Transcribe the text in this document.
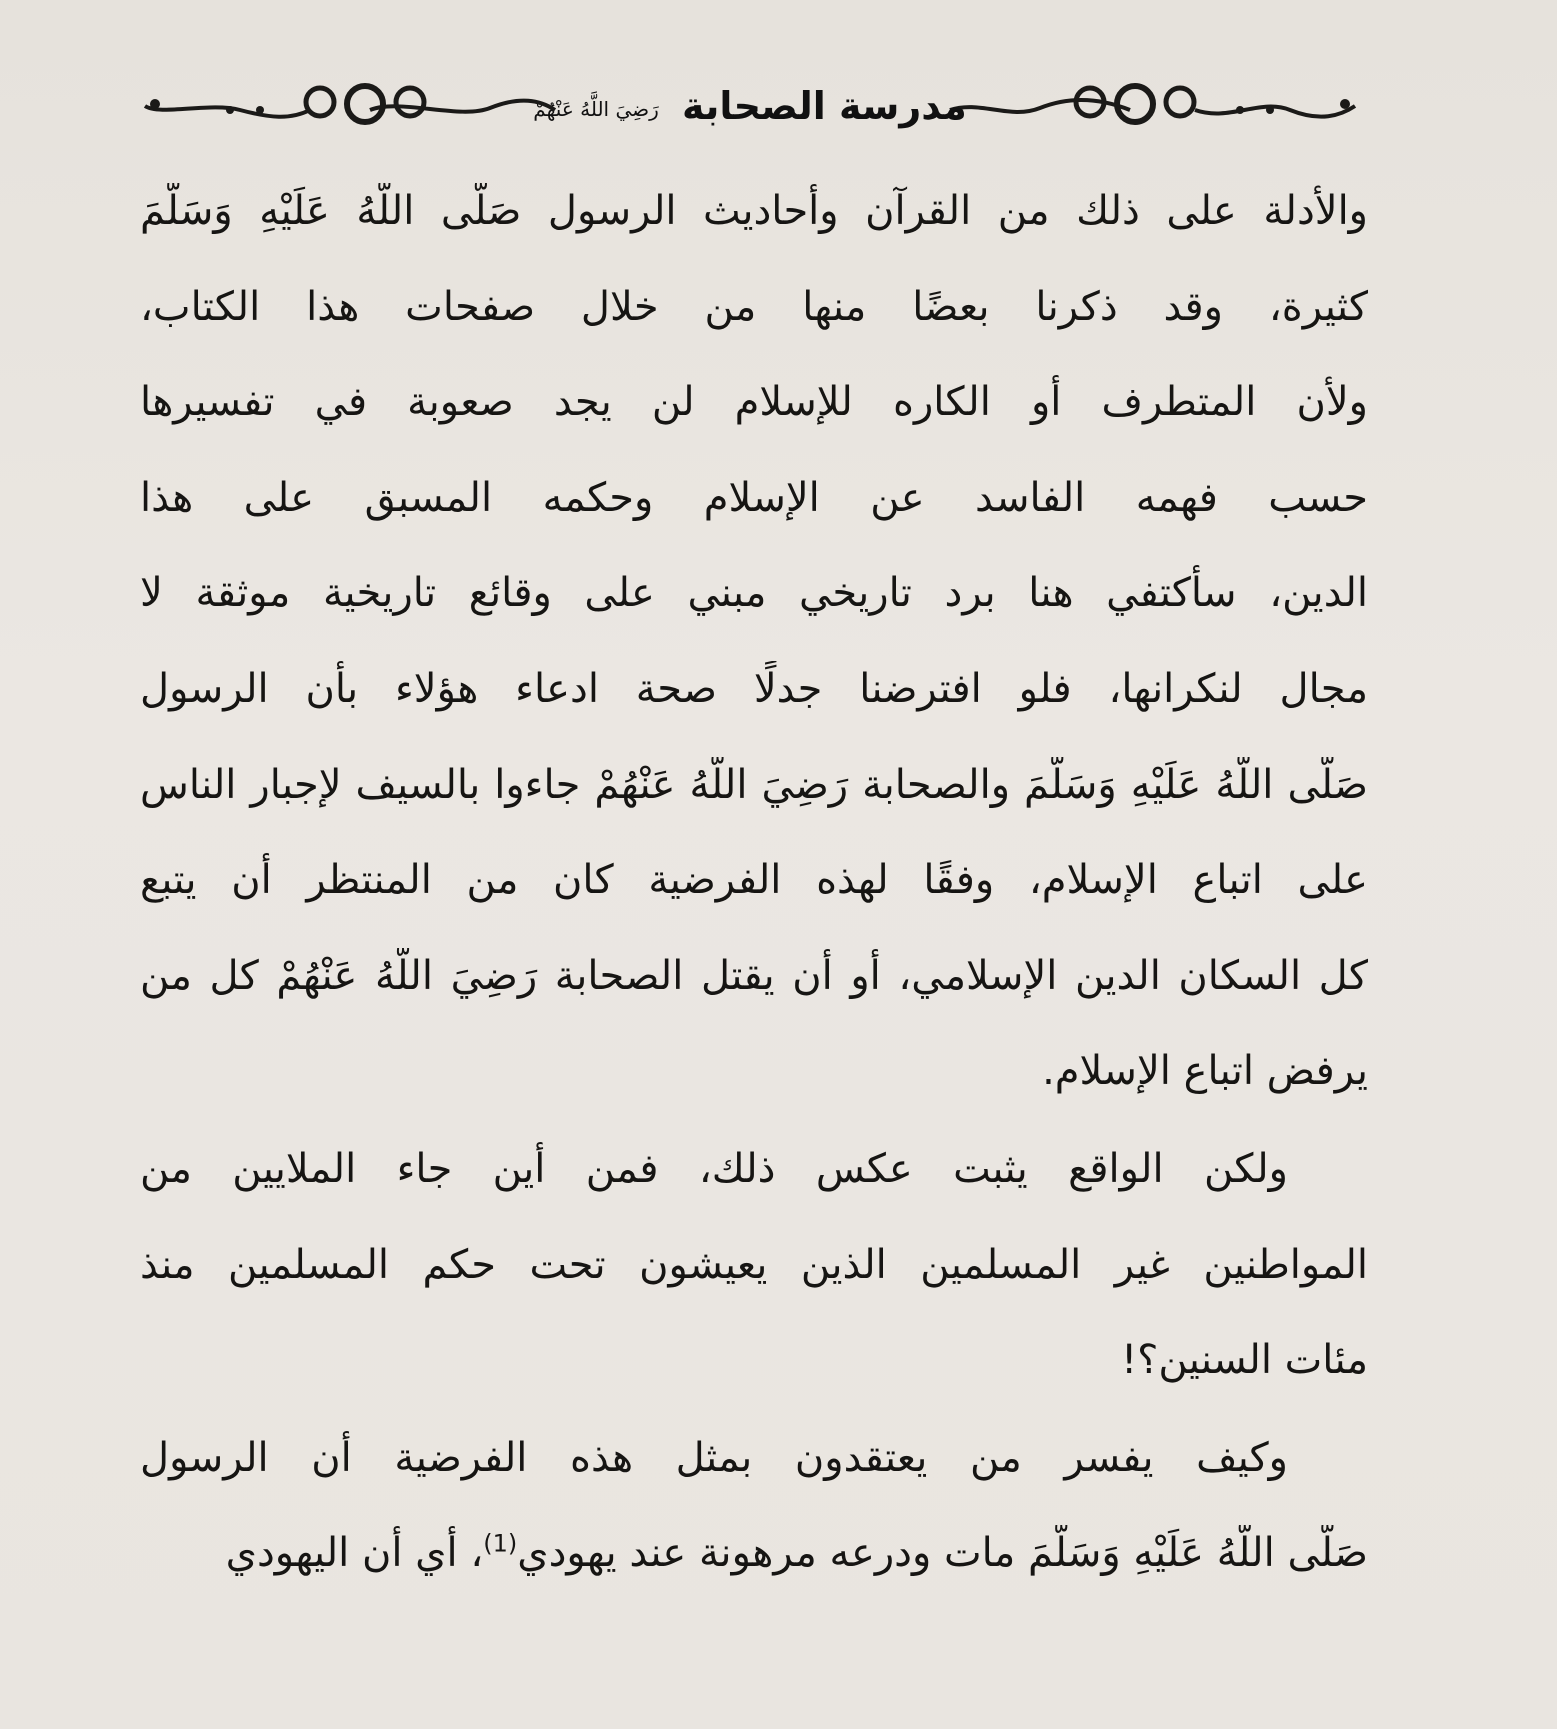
مدرسة الصحابة رَضِيَ اللَّهُ عَنْهُمْ
والأدلة على ذلك من القرآن وأحاديث الرسول صَلَّى اللَّهُ عَلَيْهِ وَسَلَّمَ
كثيرة، وقد ذكرنا بعضًا منها من خلال صفحات هذا الكتاب،
ولأن المتطرف أو الكاره للإسلام لن يجد صعوبة في تفسيرها
حسب فهمه الفاسد عن الإسلام وحكمه المسبق على هذا
الدين، سأكتفي هنا برد تاريخي مبني على وقائع تاريخية موثقة لا
مجال لنكرانها، فلو افترضنا جدلًا صحة ادعاء هؤلاء بأن الرسول
صَلَّى اللَّهُ عَلَيْهِ وَسَلَّمَ والصحابة رَضِيَ اللَّهُ عَنْهُمْ جاءوا بالسيف لإجبار الناس
على اتباع الإسلام، وفقًا لهذه الفرضية كان من المنتظر أن يتبع
كل السكان الدين الإسلامي، أو أن يقتل الصحابة رَضِيَ اللَّهُ عَنْهُمْ كل من
يرفض اتباع الإسلام.
ولكن الواقع يثبت عكس ذلك، فمن أين جاء الملايين من
المواطنين غير المسلمين الذين يعيشون تحت حكم المسلمين منذ
مئات السنين؟!
وكيف يفسر من يعتقدون بمثل هذه الفرضية أن الرسول
صَلَّى اللَّهُ عَلَيْهِ وَسَلَّمَ مات ودرعه مرهونة عند يهودي$^{(1)}$، أي أن اليهودي
